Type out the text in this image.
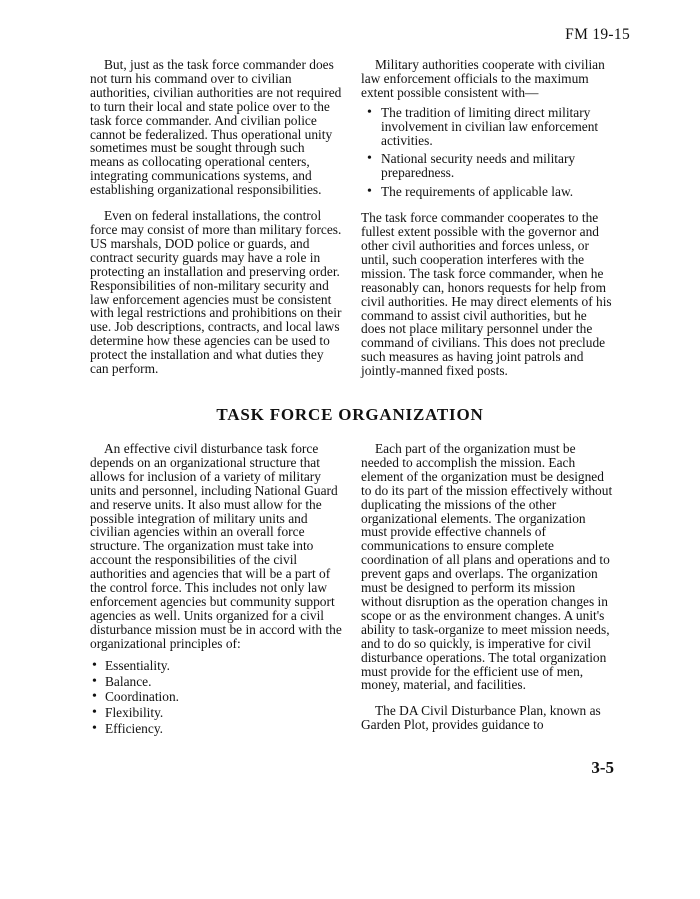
FM 19-15

But, just as the task force commander does not turn his command over to civilian authorities, civilian authorities are not required to turn their local and state police over to the task force commander. And civilian police cannot be federalized. Thus operational unity sometimes must be sought through such means as collocating operational centers, integrating communications systems, and establishing organizational responsibilities.

Even on federal installations, the control force may consist of more than military forces. US marshals, DOD police or guards, and contract security guards may have a role in protecting an installation and preserving order. Responsibilities of non-military security and law enforcement agencies must be consistent with legal restrictions and prohibitions on their use. Job descriptions, contracts, and local laws determine how these agencies can be used to protect the installation and what duties they can perform.

Military authorities cooperate with civilian law enforcement officials to the maximum extent possible consistent with—

• The tradition of limiting direct military involvement in civilian law enforcement activities.
• National security needs and military preparedness.
• The requirements of applicable law.

The task force commander cooperates to the fullest extent possible with the governor and other civil authorities and forces unless, or until, such cooperation interferes with the mission. The task force commander, when he reasonably can, honors requests for help from civil authorities. He may direct elements of his command to assist civil authorities, but he does not place military personnel under the command of civilians. This does not preclude such measures as having joint patrols and jointly-manned fixed posts.

TASK FORCE ORGANIZATION

An effective civil disturbance task force depends on an organizational structure that allows for inclusion of a variety of military units and personnel, including National Guard and reserve units. It also must allow for the possible integration of military units and civilian agencies within an overall force structure. The organization must take into account the responsibilities of the civil authorities and agencies that will be a part of the control force. This includes not only law enforcement agencies but community support agencies as well. Units organized for a civil disturbance mission must be in accord with the organizational principles of:

• Essentiality.
• Balance.
• Coordination.
• Flexibility.
• Efficiency.

Each part of the organization must be needed to accomplish the mission. Each element of the organization must be designed to do its part of the mission effectively without duplicating the missions of the other organizational elements. The organization must provide effective channels of communications to ensure complete coordination of all plans and operations and to prevent gaps and overlaps. The organization must be designed to perform its mission without disruption as the operation changes in scope or as the environment changes. A unit's ability to task-organize to meet mission needs, and to do so quickly, is imperative for civil disturbance operations. The total organization must provide for the efficient use of men, money, material, and facilities.

The DA Civil Disturbance Plan, known as Garden Plot, provides guidance to

3-5
